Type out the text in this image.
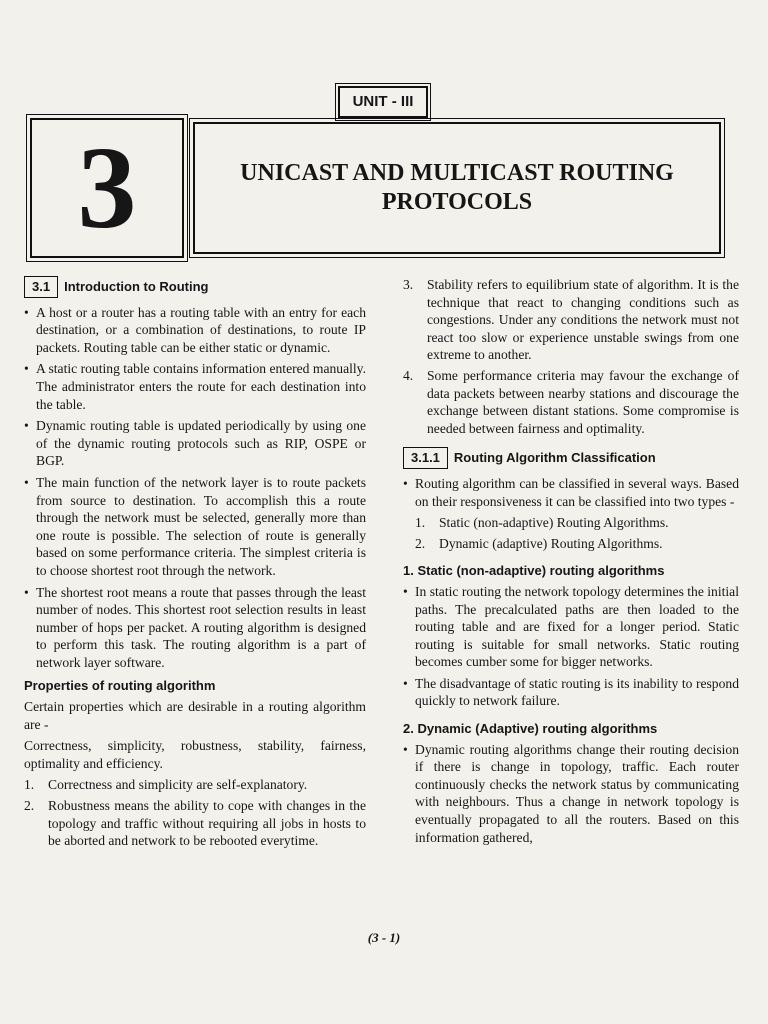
UNIT - III
3	UNICAST AND MULTICAST ROUTING PROTOCOLS
3.1	Introduction to Routing
• A host or a router has a routing table with an entry for each destination, or a combination of destinations, to route IP packets. Routing table can be either static or dynamic.
• A static routing table contains information entered manually. The administrator enters the route for each destination into the table.
• Dynamic routing table is updated periodically by using one of the dynamic routing protocols such as RIP, OSPE or BGP.
• The main function of the network layer is to route packets from source to destination. To accomplish this a route through the network must be selected, generally more than one route is possible. The selection of route is generally based on some performance criteria. The simplest criteria is to choose shortest root through the network.
• The shortest root means a route that passes through the least number of nodes. This shortest root selection results in least number of hops per packet. A routing algorithm is designed to perform this task. The routing algorithm is a part of network layer software.
Properties of routing algorithm

Certain properties which are desirable in a routing algorithm are -

Correctness, simplicity, robustness, stability, fairness, optimality and efficiency.

1.	Correctness and simplicity are self-explanatory.
2.	Robustness means the ability to cope with changes in the topology and traffic without requiring all jobs in hosts to be aborted and network to be rebooted everytime.
3.	Stability refers to equilibrium state of algorithm. It is the technique that react to changing conditions such as congestions. Under any conditions the network must not react too slow or experience unstable swings from one extreme to another.
4.	Some performance criteria may favour the exchange of data packets between nearby stations and discourage the exchange between distant stations. Some compromise is needed between fairness and optimality.
3.1.1	Routing Algorithm Classification
• Routing algorithm can be classified in several ways. Based on their responsiveness it can be classified into two types -
1.	Static (non-adaptive) Routing Algorithms.
2.	Dynamic (adaptive) Routing Algorithms.
1. Static (non-adaptive) routing algorithms
• In static routing the network topology determines the initial paths. The precalculated paths are then loaded to the routing table and are fixed for a longer period. Static routing is suitable for small networks. Static routing becomes cumber some for bigger networks.
• The disadvantage of static routing is its inability to respond quickly to network failure.
2. Dynamic (Adaptive) routing algorithms
• Dynamic routing algorithms change their routing decision if there is change in topology, traffic. Each router continuously checks the network status by communicating with neighbours. Thus a change in network topology is eventually propagated to all the routers. Based on this information gathered,
(3 - 1)
